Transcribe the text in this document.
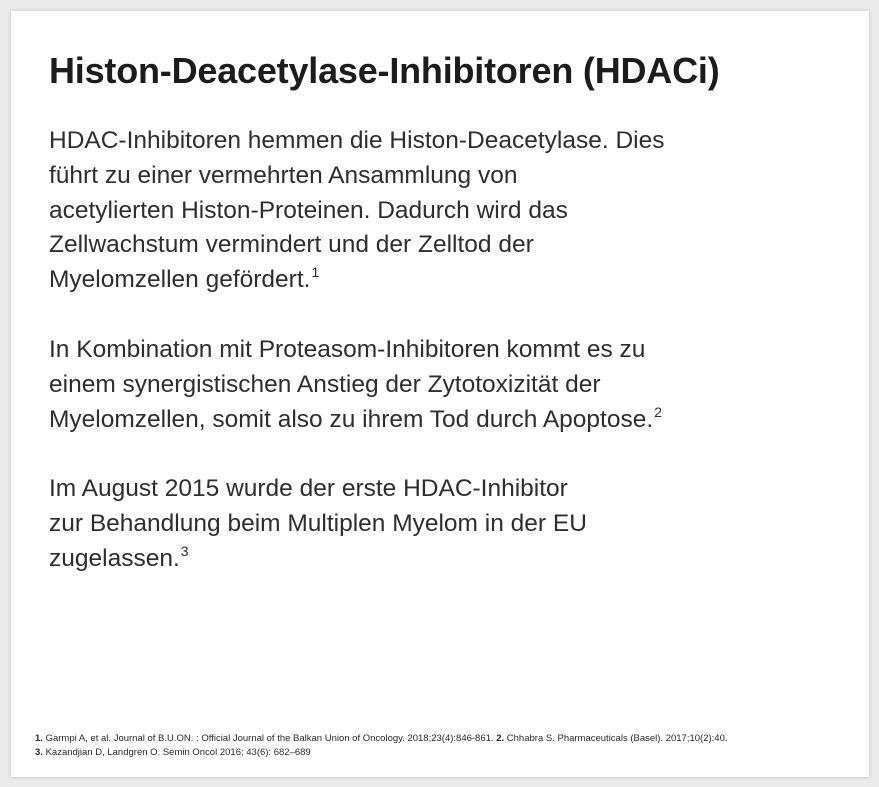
Histon-Deacetylase-Inhibitoren (HDACi)

HDAC-Inhibitoren hemmen die Histon-Deacetylase. Dies
führt zu einer vermehrten Ansammlung von
acetylierten Histon-Proteinen. Dadurch wird das
Zellwachstum vermindert und der Zelltod der
Myelomzellen gefördert.$^1$

In Kombination mit Proteasom-Inhibitoren kommt es zu
einem synergistischen Anstieg der Zytotoxizität der
Myelomzellen, somit also zu ihrem Tod durch Apoptose.$^2$

Im August 2015 wurde der erste HDAC-Inhibitor
zur Behandlung beim Multiplen Myelom in der EU
zugelassen.$^3$

1. Garmpi A, et al. Journal of B.U.ON. : Official Journal of the Balkan Union of Oncology. 2018;23(4):846-861. 2. Chhabra S. Pharmaceuticals (Basel). 2017;10(2):40.
3. Kazandjian D, Landgren O. Semin Oncol 2016; 43(6): 682–689
